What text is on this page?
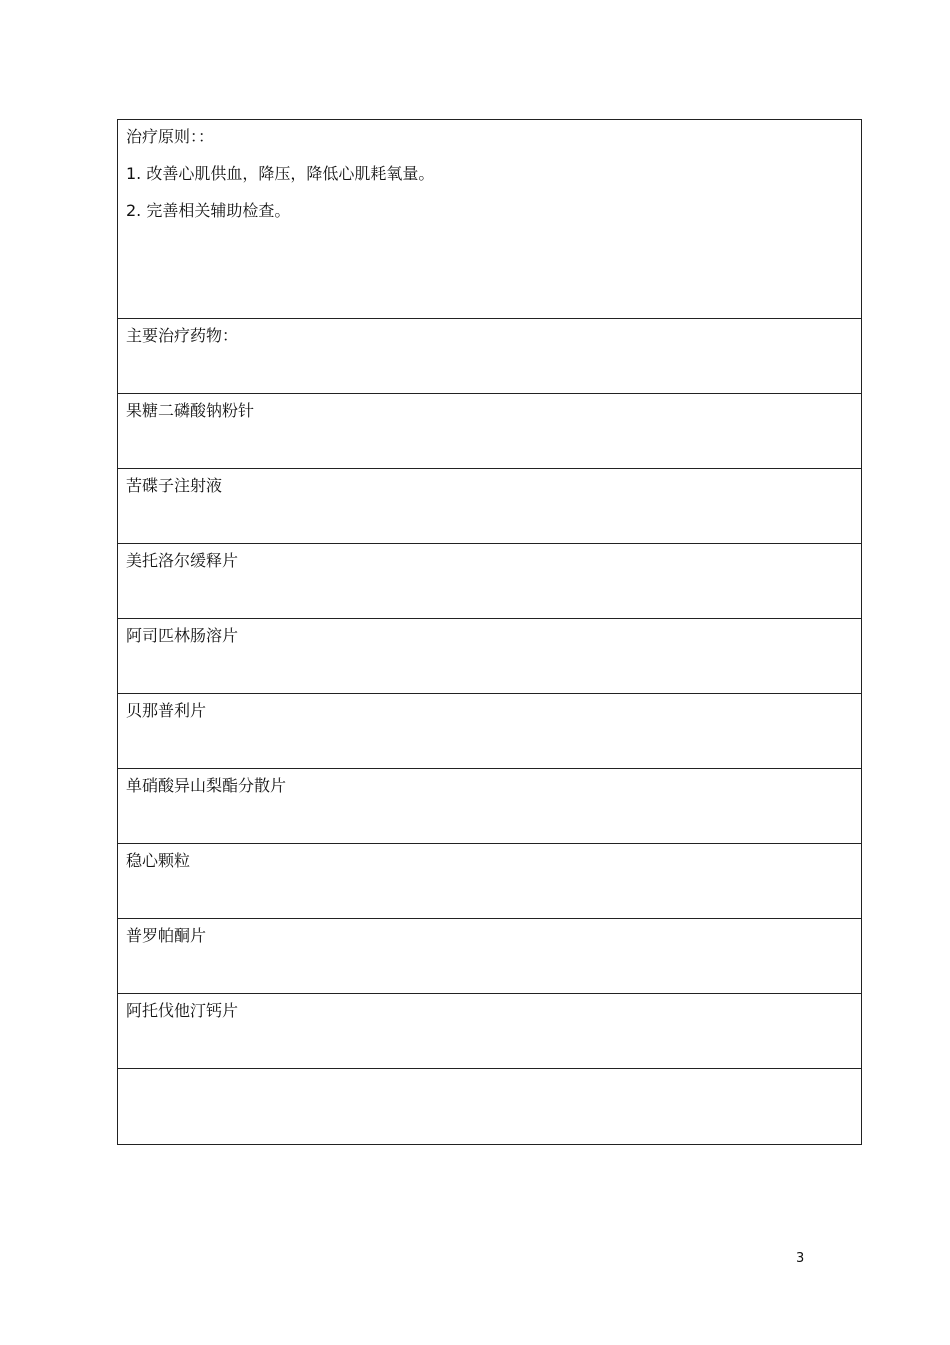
治疗原则：：
1. 改善心肌供血，降压，降低心肌耗氧量。
2. 完善相关辅助检查。
主要治疗药物：
果糖二磷酸钠粉针
苦碟子注射液
美托洛尔缓释片
阿司匹林肠溶片
贝那普利片
单硝酸异山梨酯分散片
稳心颗粒
普罗帕酮片
阿托伐他汀钙片
3
